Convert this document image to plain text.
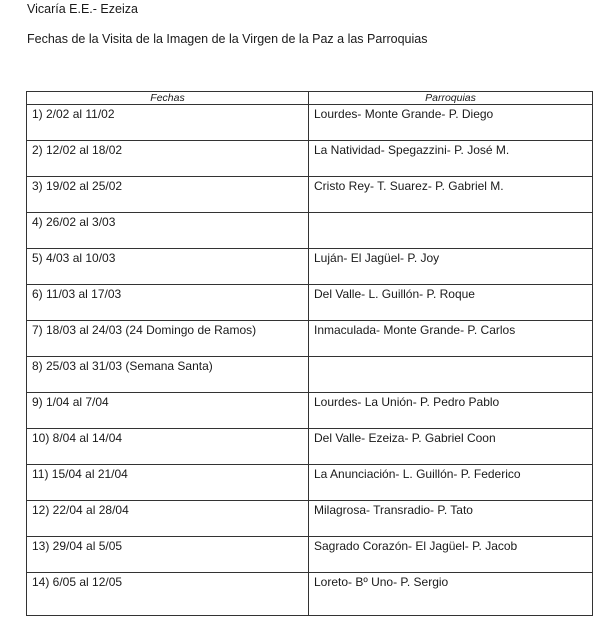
Vicaría E.E.- Ezeiza
Fechas de la Visita de la Imagen de la Virgen de la Paz a las Parroquias
Fechas	Parroquias

1) 2/02 al 11/02	Lourdes- Monte Grande- P. Diego

2) 12/02 al 18/02	La Natividad- Spegazzini- P. José M.

3) 19/02 al 25/02	Cristo Rey- T. Suarez- P. Gabriel M.

4) 26/02 al 3/03	

5) 4/03 al 10/03	Luján- El Jagüel- P. Joy

6) 11/03 al 17/03	Del Valle- L. Guillón- P. Roque

7) 18/03 al 24/03 (24 Domingo de Ramos)	Inmaculada- Monte Grande- P. Carlos

8) 25/03 al 31/03 (Semana Santa)	

9) 1/04 al 7/04	Lourdes- La Unión- P. Pedro Pablo

10) 8/04 al 14/04	Del Valle- Ezeiza- P. Gabriel Coon

11) 15/04 al 21/04	La Anunciación- L. Guillón- P. Federico

12) 22/04 al 28/04	Milagrosa- Transradio- P. Tato

13) 29/04 al 5/05	Sagrado Corazón- El Jagüel- P. Jacob

14) 6/05 al 12/05	Loreto- Bº Uno- P. Sergio
